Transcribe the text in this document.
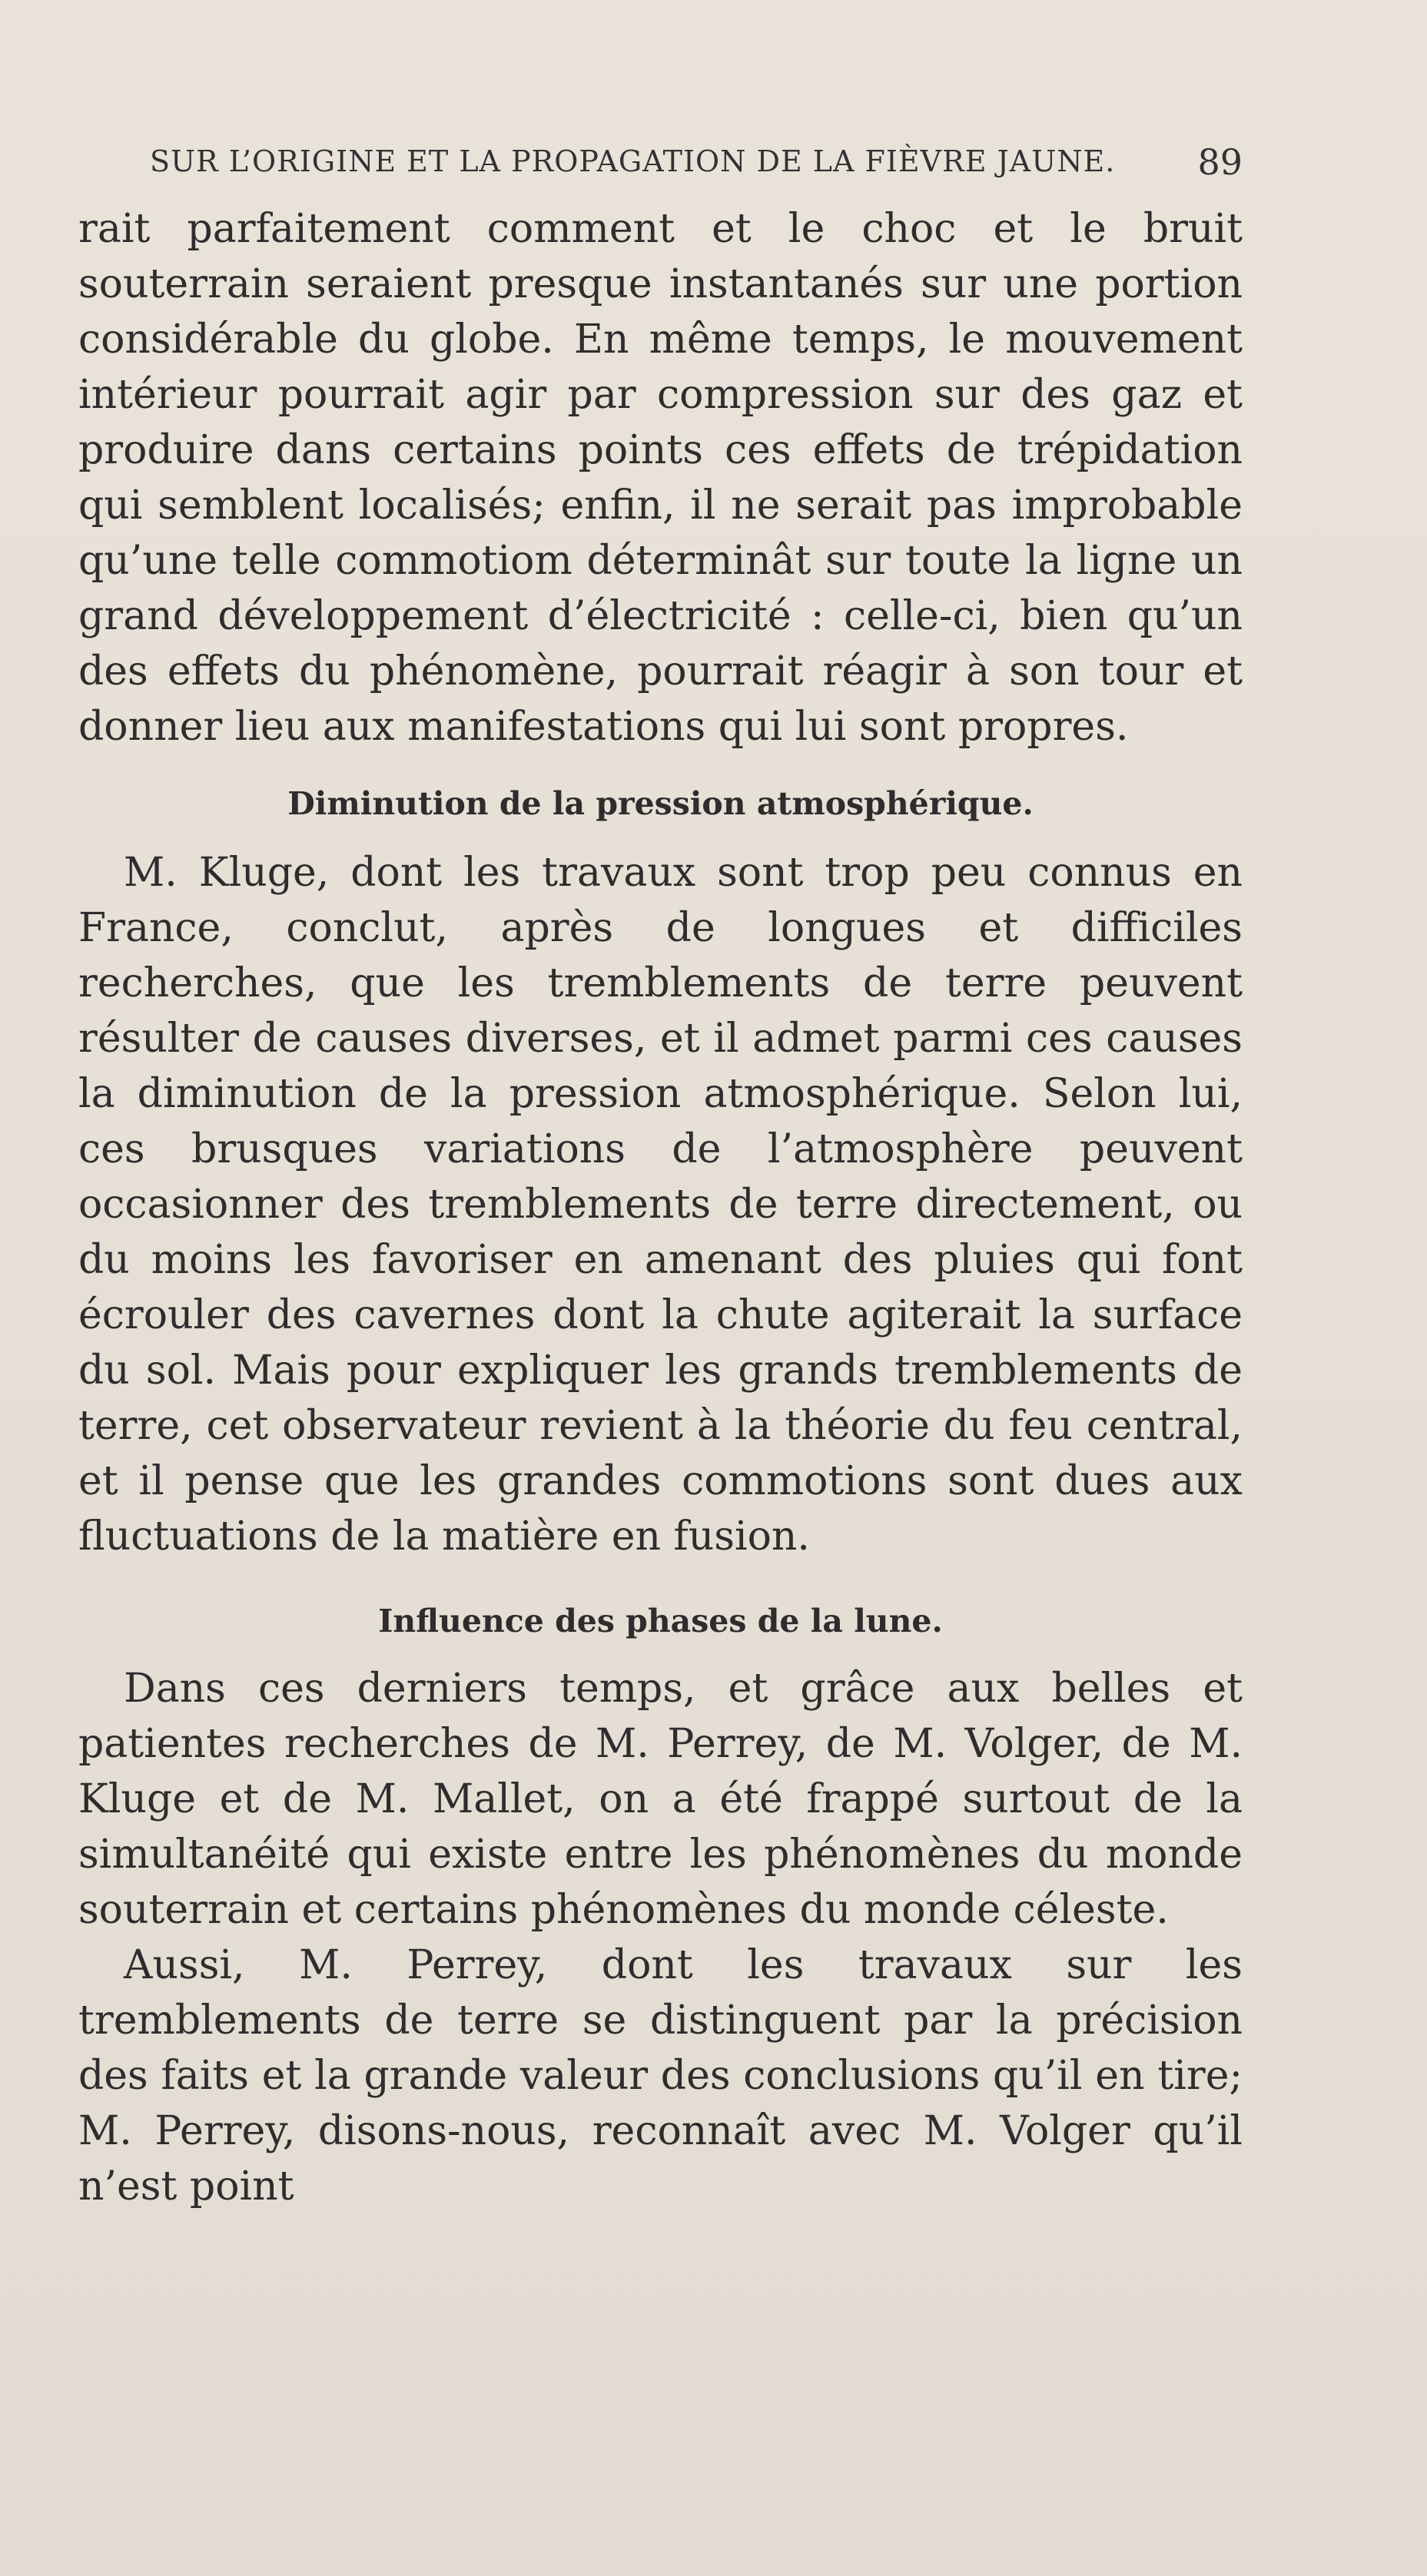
SUR L’ORIGINE ET LA PROPAGATION DE LA FIÈVRE JAUNE. 89

rait parfaitement comment et le choc et le bruit souterrain seraient presque instantanés sur une portion considérable du globe. En même temps, le mouvement intérieur pourrait agir par compression sur des gaz et produire dans certains points ces effets de trépidation qui semblent localisés; enfin, il ne serait pas improbable qu’une telle commotiom déterminât sur toute la ligne un grand développement d’électricité : celle-ci, bien qu’un des effets du phénomène, pourrait réagir à son tour et donner lieu aux manifestations qui lui sont propres.

Diminution de la pression atmosphérique.

M. Kluge, dont les travaux sont trop peu connus en France, conclut, après de longues et difficiles recherches, que les tremblements de terre peuvent résulter de causes diverses, et il admet parmi ces causes la diminution de la pression atmosphérique. Selon lui, ces brusques variations de l’atmosphère peuvent occasionner des tremblements de terre directement, ou du moins les favoriser en amenant des pluies qui font écrouler des cavernes dont la chute agiterait la surface du sol. Mais pour expliquer les grands tremblements de terre, cet observateur revient à la théorie du feu central, et il pense que les grandes commotions sont dues aux fluctuations de la matière en fusion.

Influence des phases de la lune.

Dans ces derniers temps, et grâce aux belles et patientes recherches de M. Perrey, de M. Volger, de M. Kluge et de M. Mallet, on a été frappé surtout de la simultanéité qui existe entre les phénomènes du monde souterrain et certains phénomènes du monde céleste.

Aussi, M. Perrey, dont les travaux sur les tremblements de terre se distinguent par la précision des faits et la grande valeur des conclusions qu’il en tire; M. Perrey, disons-nous, reconnaît avec M. Volger qu’il n’est point
